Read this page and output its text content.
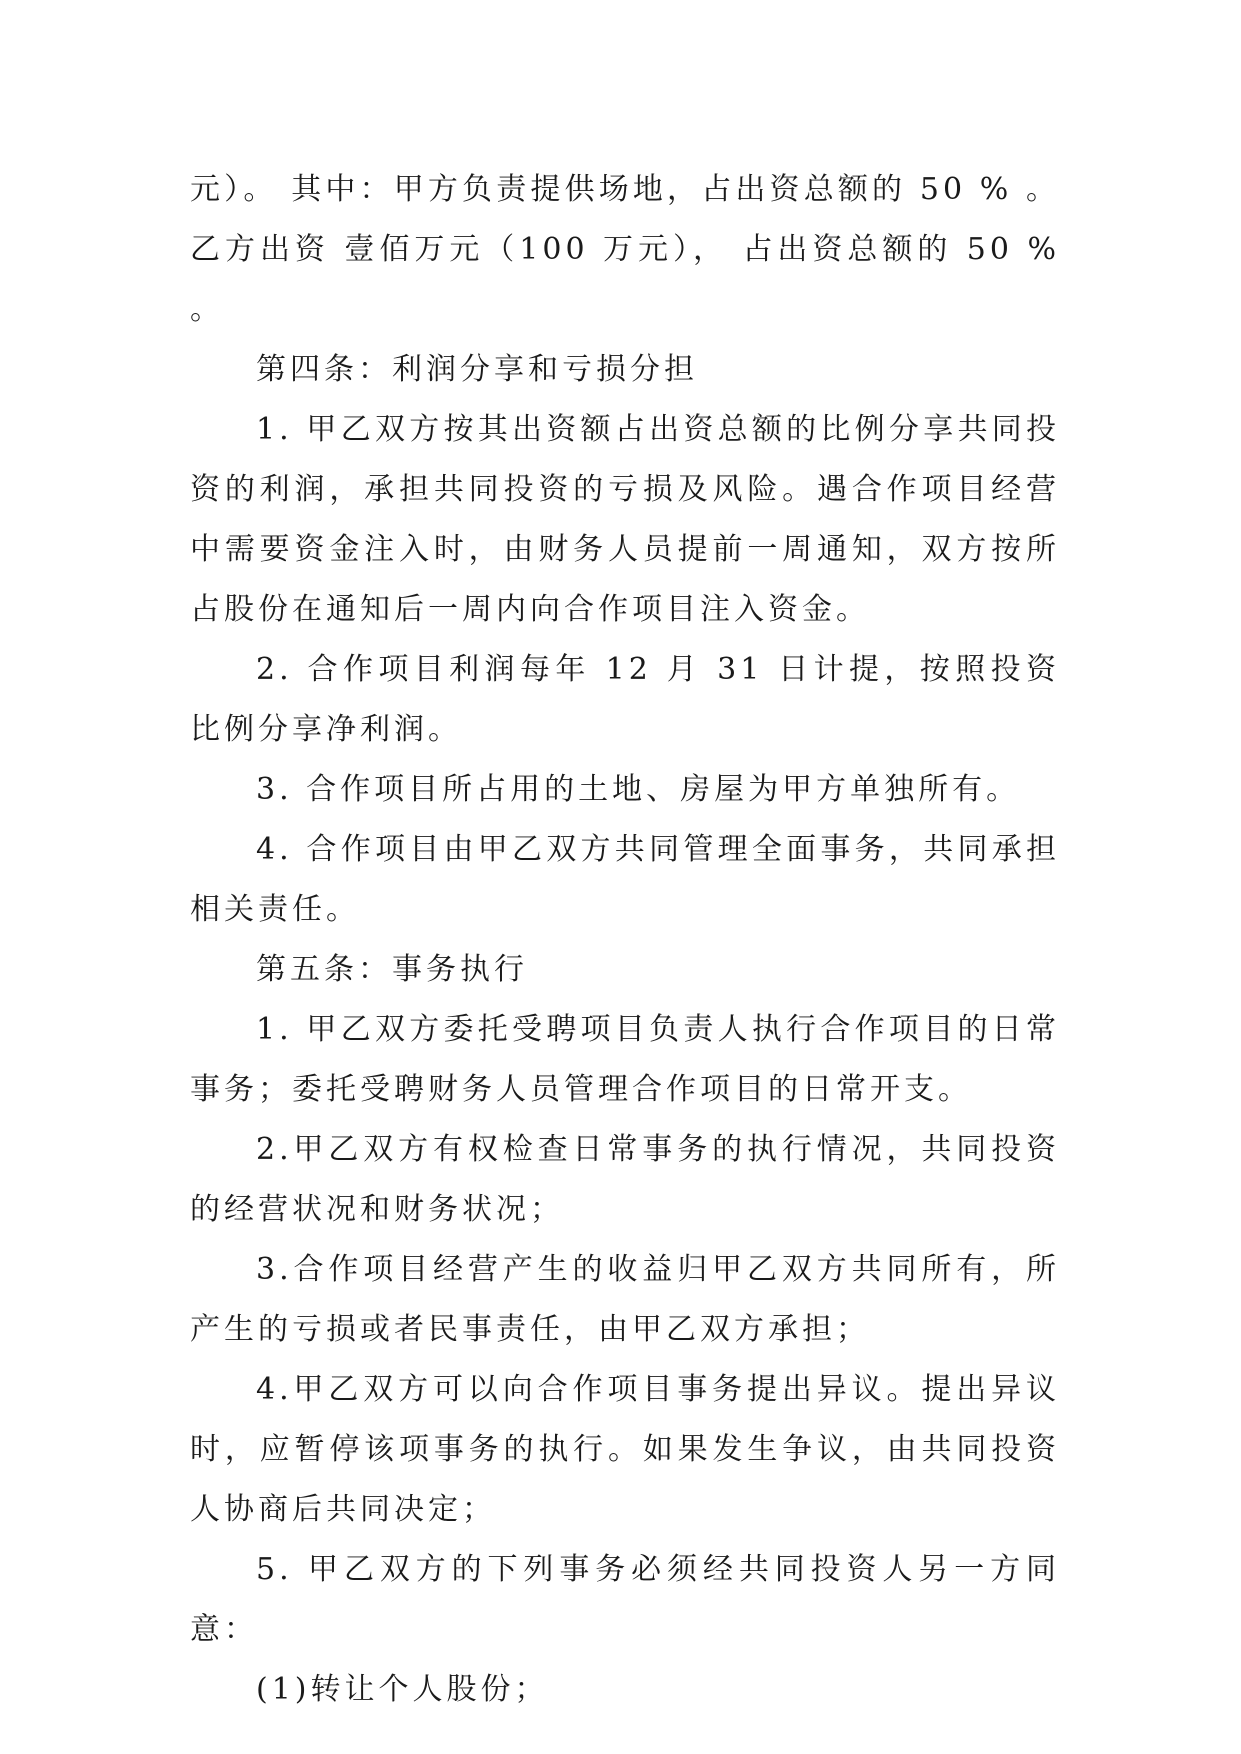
元）。 其中：甲方负责提供场地，占出资总额的 50 % 。乙方出资 壹佰万元（100 万元）， 占出资总额的 50 % 。

第四条：利润分享和亏损分担

1. 甲乙双方按其出资额占出资总额的比例分享共同投资的利润，承担共同投资的亏损及风险。遇合作项目经营中需要资金注入时，由财务人员提前一周通知，双方按所占股份在通知后一周内向合作项目注入资金。

2. 合作项目利润每年 12 月 31 日计提，按照投资比例分享净利润。

3. 合作项目所占用的土地、房屋为甲方单独所有。

4. 合作项目由甲乙双方共同管理全面事务，共同承担相关责任。

第五条：事务执行

1. 甲乙双方委托受聘项目负责人执行合作项目的日常事务；委托受聘财务人员管理合作项目的日常开支。

2.甲乙双方有权检查日常事务的执行情况，共同投资的经营状况和财务状况；

3.合作项目经营产生的收益归甲乙双方共同所有，所产生的亏损或者民事责任，由甲乙双方承担；

4.甲乙双方可以向合作项目事务提出异议。提出异议时，应暂停该项事务的执行。如果发生争议，由共同投资人协商后共同决定；

5. 甲乙双方的下列事务必须经共同投资人另一方同意：

(1)转让个人股份；
